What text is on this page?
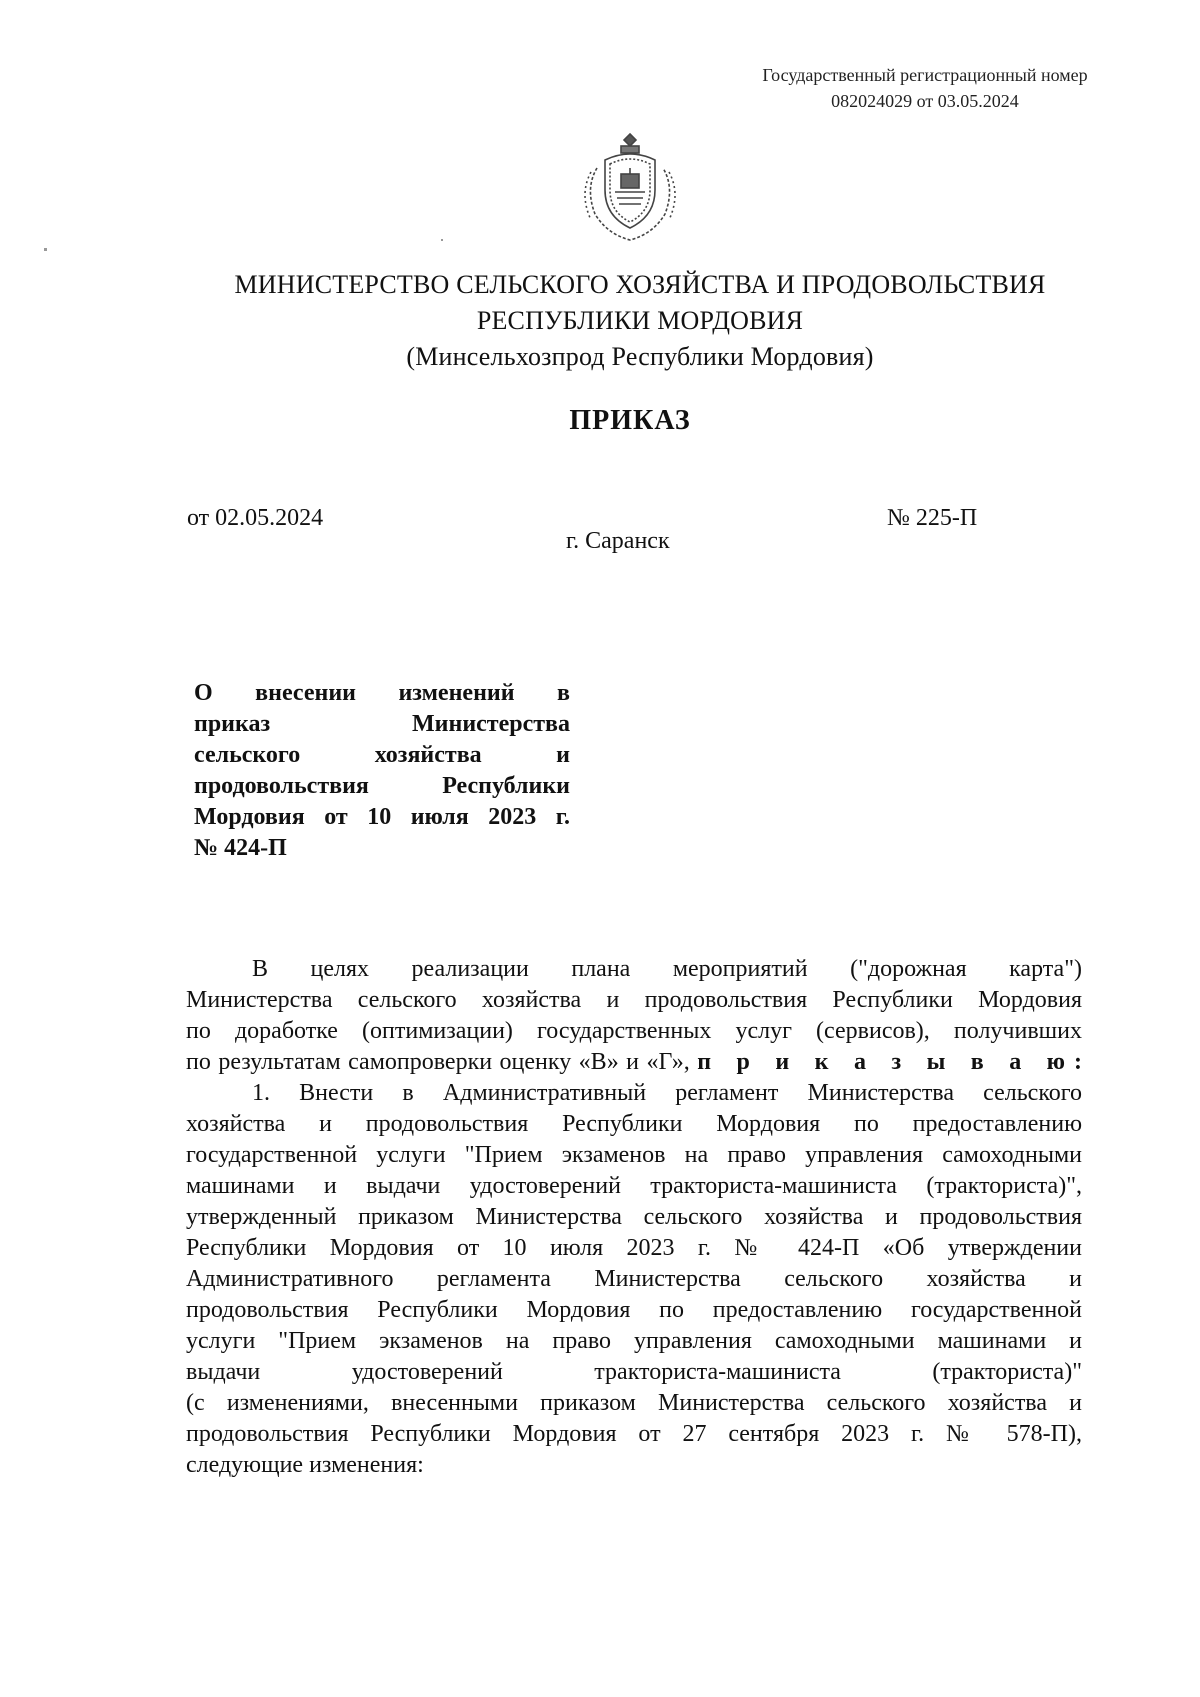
Государственный регистрационный номер
082024029 от 03.05.2024
МИНИСТЕРСТВО СЕЛЬСКОГО ХОЗЯЙСТВА И ПРОДОВОЛЬСТВИЯ
РЕСПУБЛИКИ МОРДОВИЯ
(Минсельхозпрод Республики Мордовия)
ПРИКАЗ
от 02.05.2024	№ 225-П
г. Саранск
О внесении изменений в
приказ Министерства
сельского хозяйства и
продовольствия Республики
Мордовия от 10 июля 2023 г.
№ 424-П
В целях реализации плана мероприятий ("дорожная карта")
Министерства сельского хозяйства и продовольствия Республики Мордовия
по доработке (оптимизации) государственных услуг (сервисов), получивших
по результатам самопроверки оценку «В» и «Г», п р и к а з ы в а ю:
1. Внести в Административный регламент Министерства сельского
хозяйства и продовольствия Республики Мордовия по предоставлению
государственной услуги "Прием экзаменов на право управления самоходными
машинами и выдачи удостоверений тракториста-машиниста (тракториста)",
утвержденный приказом Министерства сельского хозяйства и продовольствия
Республики Мордовия от 10 июля 2023 г. № 424-П «Об утверждении
Административного регламента Министерства сельского хозяйства и
продовольствия Республики Мордовия по предоставлению государственной
услуги "Прием экзаменов на право управления самоходными машинами и
выдачи удостоверений тракториста-машиниста (тракториста)"
(с изменениями, внесенными приказом Министерства сельского хозяйства и
продовольствия Республики Мордовия от 27 сентября 2023 г. № 578-П),
следующие изменения:
